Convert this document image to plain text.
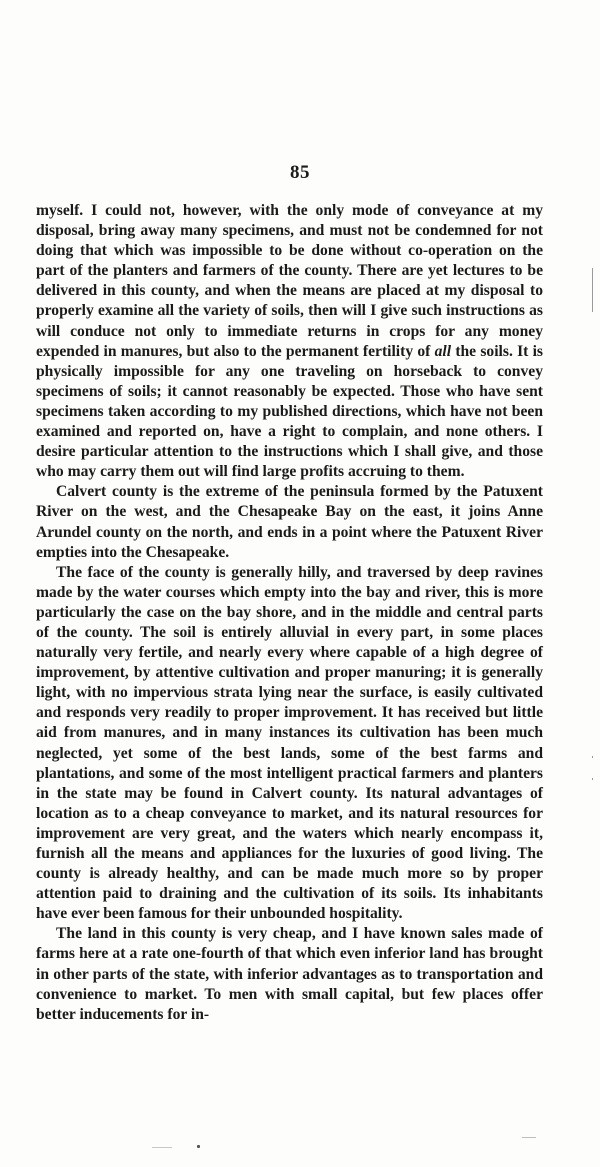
85

myself. I could not, however, with the only mode of conveyance at my disposal, bring away many specimens, and must not be condemned for not doing that which was impossible to be done without co-operation on the part of the planters and farmers of the county. There are yet lectures to be delivered in this county, and when the means are placed at my disposal to properly examine all the variety of soils, then will I give such instructions as will conduce not only to immediate returns in crops for any money expended in manures, but also to the permanent fertility of all the soils. It is physically impossible for any one traveling on horseback to convey specimens of soils; it cannot reasonably be expected. Those who have sent specimens taken according to my published directions, which have not been examined and reported on, have a right to complain, and none others. I desire particular attention to the instructions which I shall give, and those who may carry them out will find large profits accruing to them.

Calvert county is the extreme of the peninsula formed by the Patuxent River on the west, and the Chesapeake Bay on the east, it joins Anne Arundel county on the north, and ends in a point where the Patuxent River empties into the Chesapeake.

The face of the county is generally hilly, and traversed by deep ravines made by the water courses which empty into the bay and river, this is more particularly the case on the bay shore, and in the middle and central parts of the county. The soil is entirely alluvial in every part, in some places naturally very fertile, and nearly every where capable of a high degree of improvement, by attentive cultivation and proper manuring; it is generally light, with no impervious strata lying near the surface, is easily cultivated and responds very readily to proper improvement. It has received but little aid from manures, and in many instances its cultivation has been much neglected, yet some of the best lands, some of the best farms and plantations, and some of the most intelligent practical farmers and planters in the state may be found in Calvert county. Its natural advantages of location as to a cheap conveyance to market, and its natural resources for improvement are very great, and the waters which nearly encompass it, furnish all the means and appliances for the luxuries of good living. The county is already healthy, and can be made much more so by proper attention paid to draining and the cultivation of its soils. Its inhabitants have ever been famous for their unbounded hospitality.

The land in this county is very cheap, and I have known sales made of farms here at a rate one-fourth of that which even inferior land has brought in other parts of the state, with inferior advantages as to transportation and convenience to market. To men with small capital, but few places offer better inducements for in-
